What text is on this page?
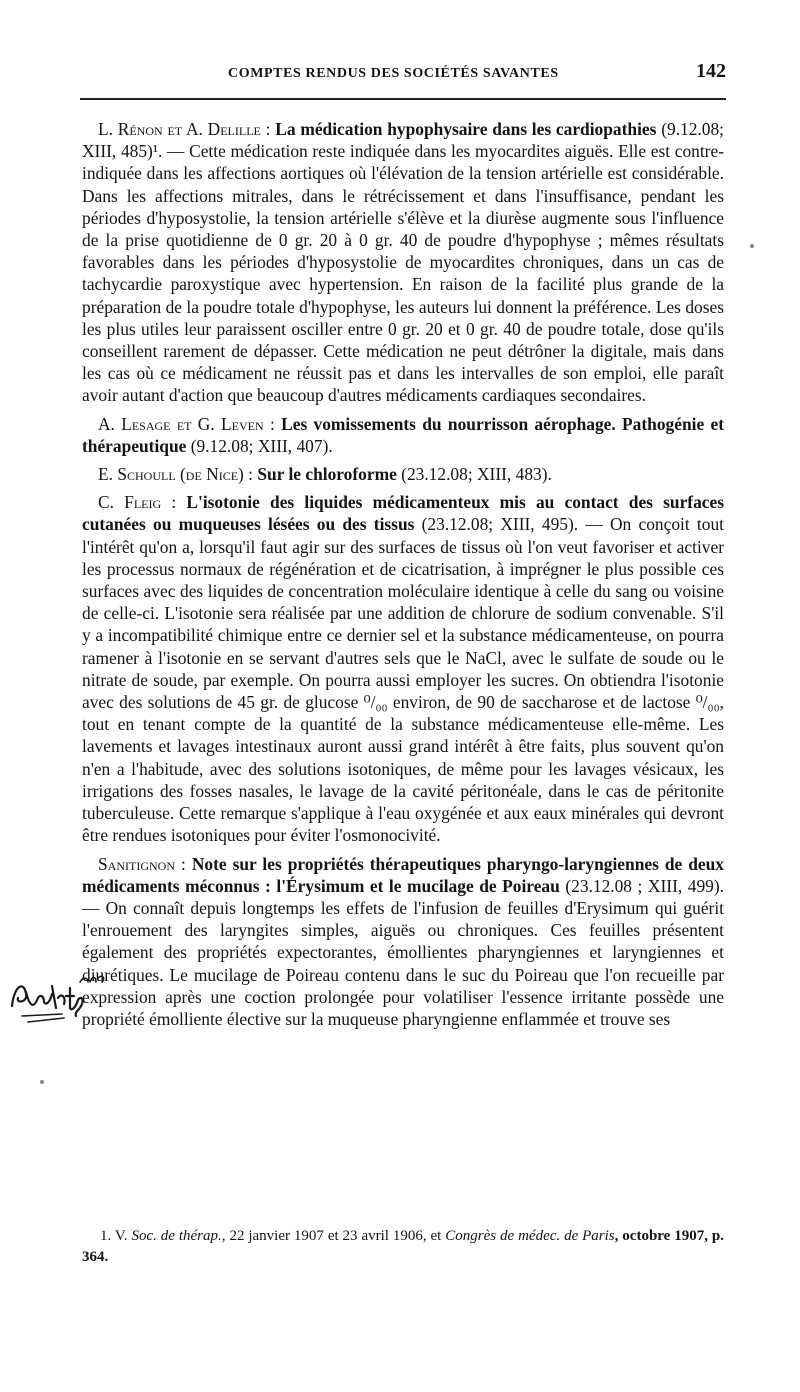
COMPTES RENDUS DES SOCIÉTÉS SAVANTES	142

L. Rénon et A. Delille : La médication hypophysaire dans les cardiopathies (9.12.08; XIII, 485)¹. — Cette médication reste indiquée dans les myocardites aiguës. Elle est contre-indiquée dans les affections aortiques où l'élévation de la tension artérielle est considérable. Dans les affections mitrales, dans le rétrécissement et dans l'insuffisance, pendant les périodes d'hyposystolie, la tension artérielle s'élève et la diurèse augmente sous l'influence de la prise quotidienne de 0 gr. 20 à 0 gr. 40 de poudre d'hypophyse ; mêmes résultats favorables dans les périodes d'hyposystolie de myocardites chroniques, dans un cas de tachycardie paroxystique avec hypertension. En raison de la facilité plus grande de la préparation de la poudre totale d'hypophyse, les auteurs lui donnent la préférence. Les doses les plus utiles leur paraissent osciller entre 0 gr. 20 et 0 gr. 40 de poudre totale, dose qu'ils conseillent rarement de dépasser. Cette médication ne peut détrôner la digitale, mais dans les cas où ce médicament ne réussit pas et dans les intervalles de son emploi, elle paraît avoir autant d'action que beaucoup d'autres médicaments cardiaques secondaires.

A. Lesage et G. Leven : Les vomissements du nourrisson aérophage. Pathogénie et thérapeutique (9.12.08; XIII, 407).

E. Schoull (de Nice) : Sur le chloroforme (23.12.08; XIII, 483).

C. Fleig : L'isotonie des liquides médicamenteux mis au contact des surfaces cutanées ou muqueuses lésées ou des tissus (23.12.08; XIII, 495). — On conçoit tout l'intérêt qu'on a, lorsqu'il faut agir sur des surfaces de tissus où l'on veut favoriser et activer les processus normaux de régénération et de cicatrisation, à imprégner le plus possible ces surfaces avec des liquides de concentration moléculaire identique à celle du sang ou voisine de celle-ci. L'isotonie sera réalisée par une addition de chlorure de sodium convenable. S'il y a incompatibilité chimique entre ce dernier sel et la substance médicamenteuse, on pourra ramener à l'isotonie en se servant d'autres sels que le NaCl, avec le sulfate de soude ou le nitrate de soude, par exemple. On pourra aussi employer les sucres. On obtiendra l'isotonie avec des solutions de 45 gr. de glucose ⁰/₀₀ environ, de 90 de saccharose et de lactose ⁰/₀₀, tout en tenant compte de la quantité de la substance médicamenteuse elle-même. Les lavements et lavages intestinaux auront aussi grand intérêt à être faits, plus souvent qu'on n'en a l'habitude, avec des solutions isotoniques, de même pour les lavages vésicaux, les irrigations des fosses nasales, le lavage de la cavité péritonéale, dans le cas de péritonite tuberculeuse. Cette remarque s'applique à l'eau oxygénée et aux eaux minérales qui devront être rendues isotoniques pour éviter l'osmonocivité.

Sanitignon : Note sur les propriétés thérapeutiques pharyngo-laryngiennes de deux médicaments méconnus : l'Érysimum et le mucilage de Poireau (23.12.08 ; XIII, 499). — On connaît depuis longtemps les effets de l'infusion de feuilles d'Erysimum qui guérit l'enrouement des laryngites simples, aiguës ou chroniques. Ces feuilles présentent également des propriétés expectorantes, émollientes pharyngiennes et laryngiennes et diurétiques. Le mucilage de Poireau contenu dans le suc du Poireau que l'on recueille par expression après une coction prolongée pour volatiliser l'essence irritante possède une propriété émolliente élective sur la muqueuse pharyngienne enflammée et trouve ses

1. V. Soc. de thérap., 22 janvier 1907 et 23 avril 1906, et Congrès de médec. de Paris, octobre 1907, p. 364.
